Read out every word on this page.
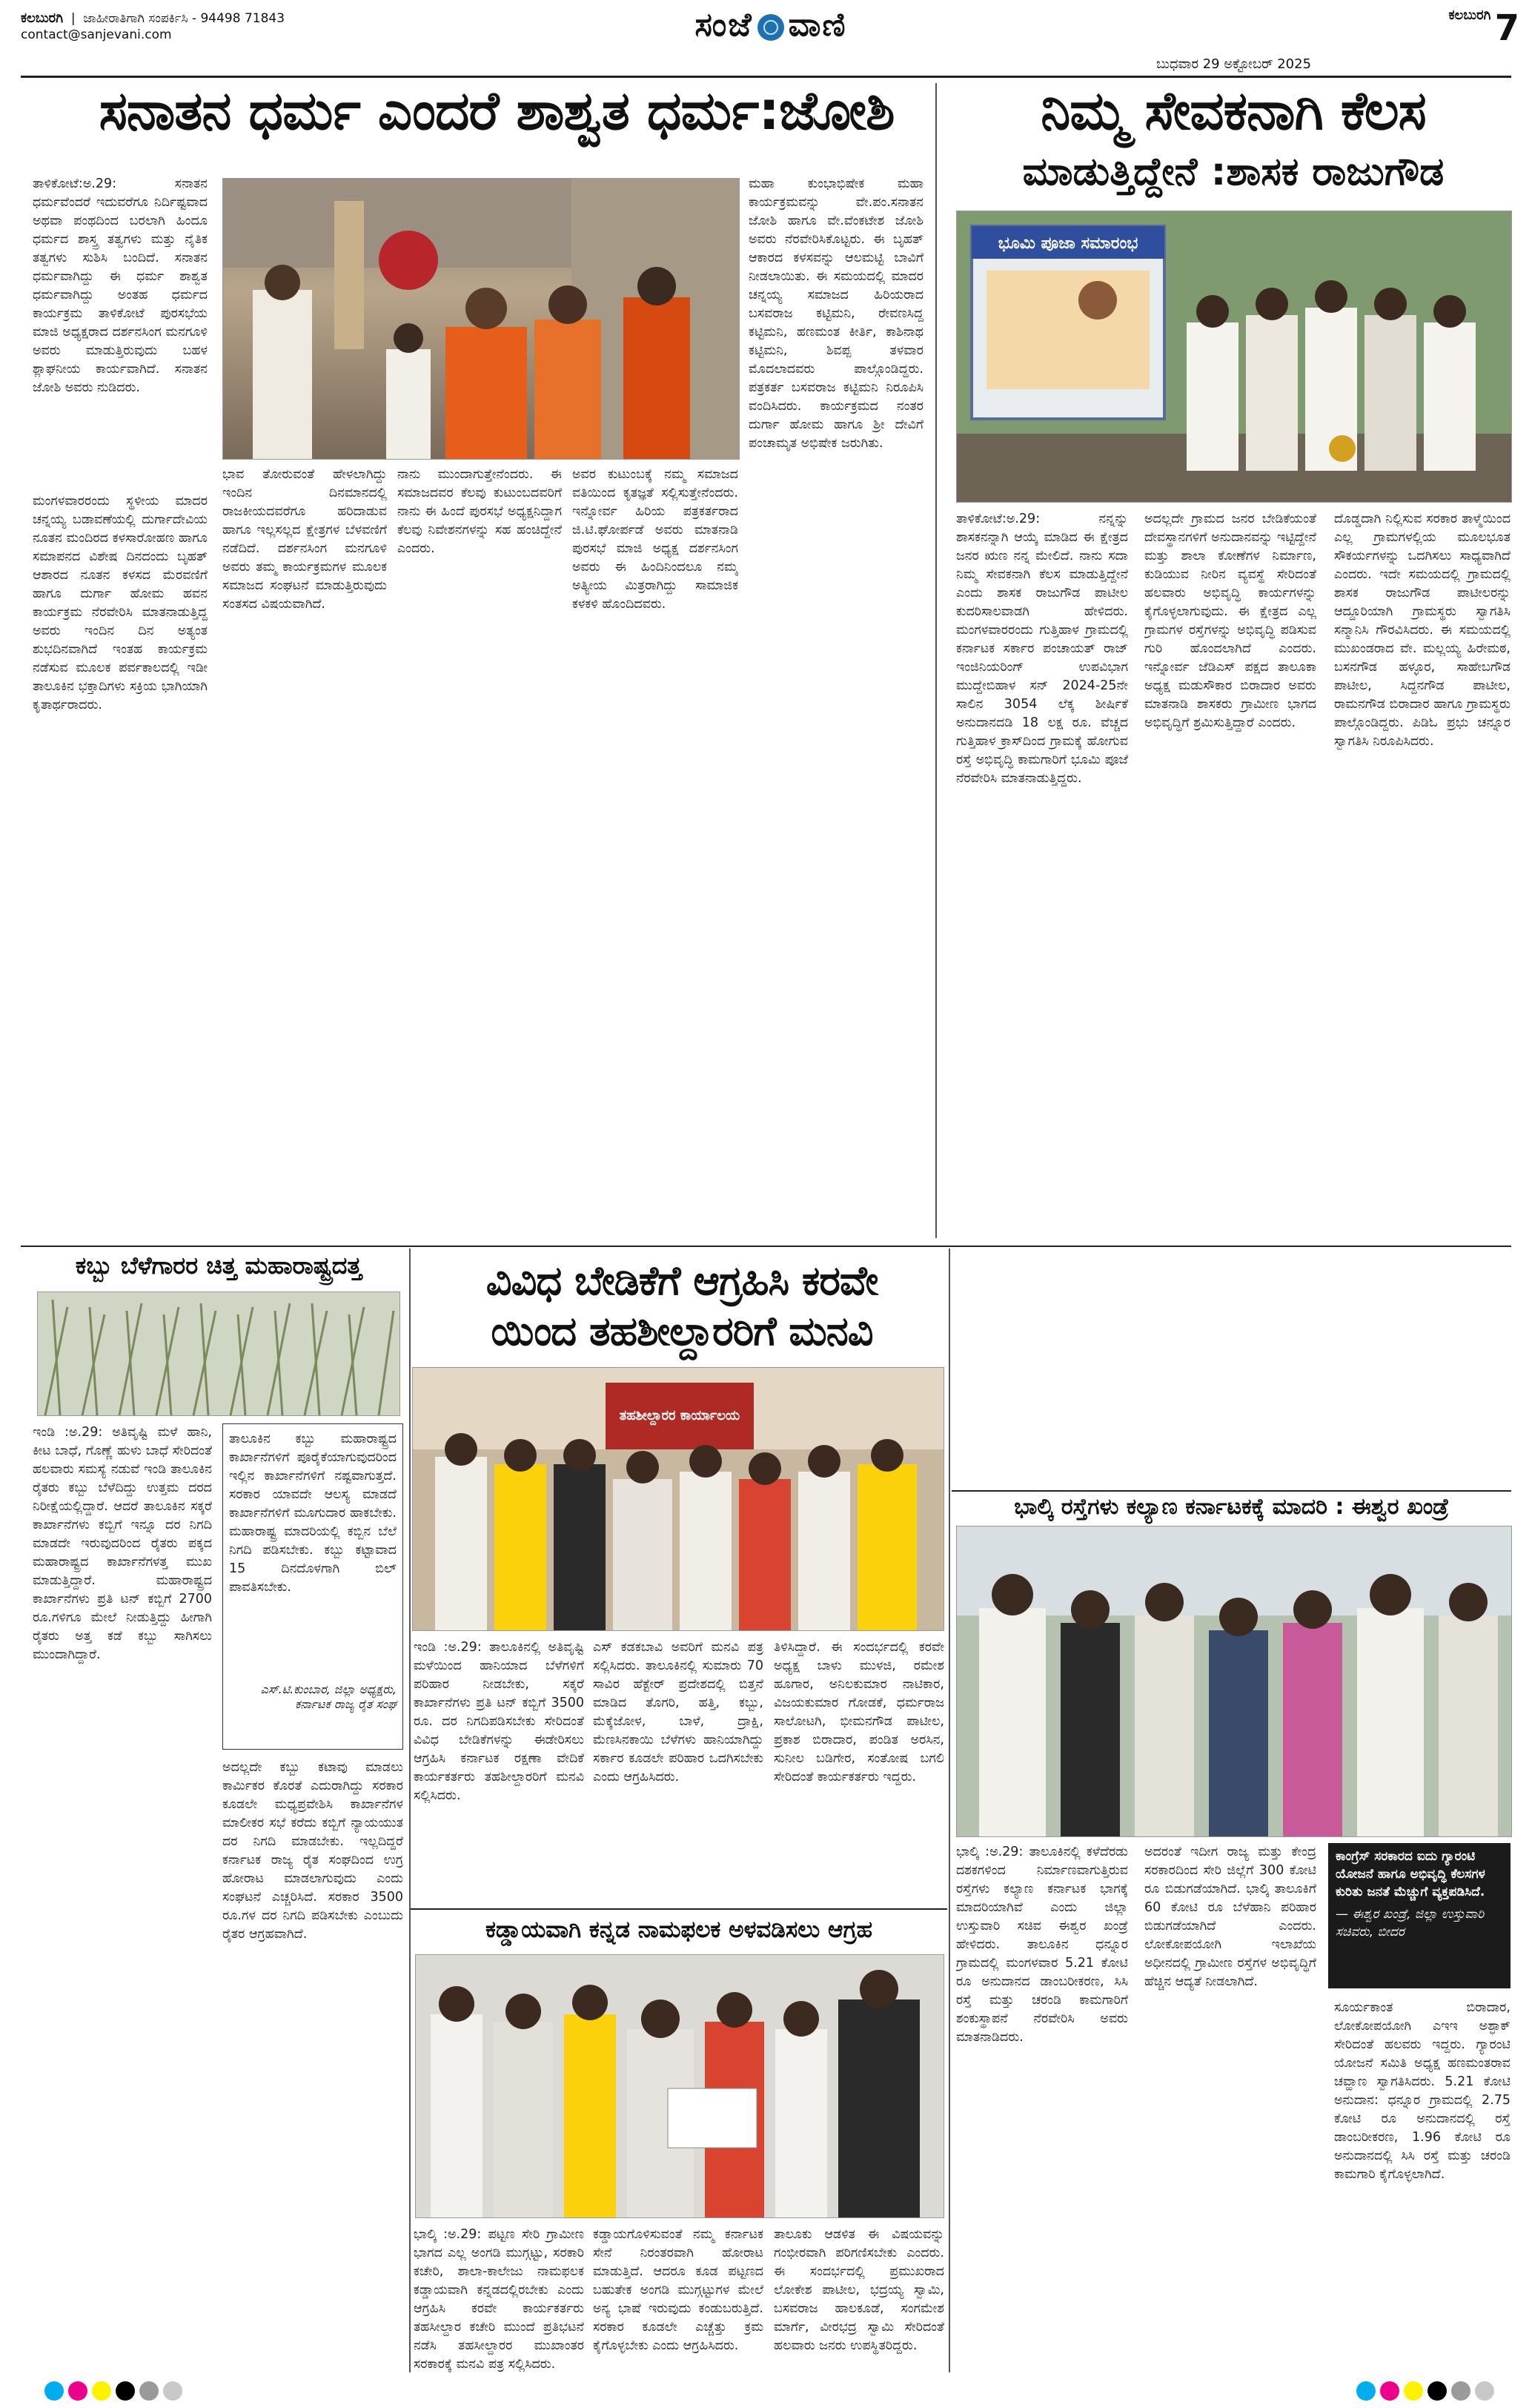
ಕಲಬುರಗಿ  |  ಜಾಹೀರಾತಿಗಾಗಿ ಸಂಪರ್ಕಿಸಿ - 94498 71843
contact@sanjevani.com	ಸಂಜೆ ವಾಣಿ	ಕಲಬುರಗಿ 7
ಬುಧವಾರ 29 ಅಕ್ಟೋಬರ್ 2025
ಸನಾತನ ಧರ್ಮ ಎಂದರೆ ಶಾಶ್ವತ ಧರ್ಮ:ಜೋಶಿ
ತಾಳಿಕೋಟೆ:ಅ.29: ಸನಾತನ ಧರ್ಮವೆಂದರೆ ಇದುವರೆಗೂ ನಿರ್ದಿಷ್ಟವಾದ ಅಥವಾ ಪಂಥದಿಂದ ಬರಲಾಗಿ ಹಿಂದೂ ಧರ್ಮದ ಶಾಸ್ತ್ರ ತತ್ವಗಳು ಮತ್ತು ನೈತಿಕ ತತ್ವಗಳು ಸುಶಿಸಿ ಬಂದಿದೆ. ಸನಾತನ ಧರ್ಮವಾಗಿದ್ದು ಈ ಧರ್ಮ ಶಾಶ್ವತ ಧರ್ಮವಾಗಿದ್ದು ಅಂತಹ ಧರ್ಮದ ಕಾರ್ಯಕ್ರಮ ತಾಳಿಕೋಟೆ ಪುರಸಭೆಯ ಮಾಜಿ ಅಧ್ಯಕ್ಷರಾದ ದರ್ಶನಸಿಂಗ ಮನಗೂಳಿ ಅವರು ಮಾಡುತ್ತಿರುವುದು ಬಹಳ ಶ್ಲಾಘನೀಯ ಕಾರ್ಯವಾಗಿದೆ. ಸನಾತನ ಜೋಶಿ ಅವರು ನುಡಿದರು.
ಮಂಗಳವಾರರಂದು ಸ್ಥಳೀಯ ಮಾದರ ಚನ್ನಯ್ಯ ಬಡಾವಣೆಯಲ್ಲಿ ದುರ್ಗಾದೇವಿಯ ನೂತನ ಮಂದಿರದ ಕಳಸಾರೋಹಣ ಹಾಗೂ ಸಮಾಪನದ ವಿಶೇಷ ದಿನದಂದು ಬೃಹತ್ ಆಶಾರದ ನೂತನ ಕಳಸದ ಮೆರವಣಿಗೆ ಹಾಗೂ ದುರ್ಗಾ ಹೋಮ ಹವನ ಕಾರ್ಯಕ್ರಮ ನೆರವೇರಿಸಿ ಮಾತನಾಡುತ್ತಿದ್ದ ಅವರು ಇಂದಿನ ದಿನ ಅತ್ಯಂತ ಶುಭದಿನವಾಗಿದೆ ಇಂತಹ ಕಾರ್ಯಕ್ರಮ ನಡೆಸುವ ಮೂಲಕ ಪರ್ವಕಾಲದಲ್ಲಿ ಇಡೀ ತಾಲೂಕಿನ ಭಕ್ತಾದಿಗಳು ಸಕ್ರಿಯ ಭಾಗಿಯಾಗಿ ಕೃತಾರ್ಥರಾದರು.
ಭಾವ ತೋರುವಂತೆ ಹೇಳಲಾಗಿದ್ದು ಇಂದಿನ ದಿನಮಾನದಲ್ಲಿ ರಾಜಕೀಯದವರೆಗೂ ಹರಿದಾಡುವ ಹಾಗೂ ಇಲ್ಲಸಲ್ಲದ ಕ್ಷೇತ್ರಗಳ ಬೆಳವಣಿಗೆ ನಡೆದಿದೆ. ದರ್ಶನಸಿಂಗ ಮನಗೂಳಿ ಅವರು ತಮ್ಮ ಕಾರ್ಯಕ್ರಮಗಳ ಮೂಲಕ ಸಮಾಜದ ಸಂಘಟನೆ ಮಾಡುತ್ತಿರುವುದು ಸಂತಸದ ವಿಷಯವಾಗಿದೆ.
ನಾನು ಮುಂದಾಗುತ್ತೇನೆಂದರು. ಈ ಸಮಾಜದವರ ಕೆಲವು ಕುಟುಂಬದವರಿಗೆ ನಾನು ಈ ಹಿಂದೆ ಪುರಸಭೆ ಅಧ್ಯಕ್ಷನಿದ್ದಾಗ ಕೆಲವು ನಿವೇಶನಗಳನ್ನು ಸಹ ಹಂಚಿದ್ದೇನೆ ಎಂದರು.
ಅವರ ಕುಟುಂಬಕ್ಕೆ ನಮ್ಮ ಸಮಾಜದ ವತಿಯಿಂದ ಕೃತಜ್ಞತೆ ಸಲ್ಲಿಸುತ್ತೇನೆಂದರು. ಇನ್ನೋರ್ವ ಹಿರಿಯ ಪತ್ರಕರ್ತರಾದ ಜಿ.ಟಿ.ಘೋರ್ಪಡೆ ಅವರು ಮಾತನಾಡಿ ಪುರಸಭೆ ಮಾಜಿ ಅಧ್ಯಕ್ಷ ದರ್ಶನಸಿಂಗ ಅವರು ಈ ಹಿಂದಿನಿಂದಲೂ ನಮ್ಮ ಅತ್ಯೀಯ ಮಿತ್ರರಾಗಿದ್ದು ಸಾಮಾಜಿಕ ಕಳಕಳಿ ಹೊಂದಿದವರು.
ಮಹಾ ಕುಂಭಾಭಿಷೇಕ ಮಹಾ ಕಾರ್ಯಕ್ರಮವನ್ನು ವೇ.ಪಂ.ಸನಾತನ ಜೋಶಿ ಹಾಗೂ ವೇ.ವೆಂಕಟೇಶ ಜೋಶಿ ಅವರು ನೆರವೇರಿಸಿಕೊಟ್ಟರು. ಈ ಬೃಹತ್ ಆಕಾರದ ಕಳಸವನ್ನು ಆಲಮಟ್ಟಿ ಬಾವಿಗೆ ನೀಡಲಾಯಿತು. ಈ ಸಮಯದಲ್ಲಿ ಮಾದರ ಚನ್ನಯ್ಯ ಸಮಾಜದ ಹಿರಿಯರಾದ ಬಸವರಾಜ ಕಟ್ಟಿಮನಿ, ರೇವಣಸಿದ್ದ ಕಟ್ಟಿಮನಿ, ಹಣಮಂತ ಕೀರ್ತಿ, ಕಾಶಿನಾಥ ಕಟ್ಟಿಮನಿ, ಶಿವಪ್ಪ ತಳವಾರ ಮೊದಲಾದವರು ಪಾಲ್ಗೊಂಡಿದ್ದರು. ಪತ್ರಕರ್ತ ಬಸವರಾಜ ಕಟ್ಟಿಮನಿ ನಿರೂಪಿಸಿ ವಂದಿಸಿದರು. ಕಾರ್ಯಕ್ರಮದ ನಂತರ ದುರ್ಗಾ ಹೋಮ ಹಾಗೂ ಶ್ರೀ ದೇವಿಗೆ ಪಂಚಾಮೃತ ಅಭಿಷೇಕ ಜರುಗಿತು.
ನಿಮ್ಮ ಸೇವಕನಾಗಿ ಕೆಲಸ
ಮಾಡುತ್ತಿದ್ದೇನೆ :ಶಾಸಕ ರಾಜುಗೌಡ
ಭೂಮಿ ಪೂಜಾ ಸಮಾರಂಭ
ತಾಳಿಕೋಟೆ:ಅ.29: ನನ್ನನ್ನು ಶಾಸಕನನ್ನಾಗಿ ಆಯ್ಕೆ ಮಾಡಿದ ಈ ಕ್ಷೇತ್ರದ ಜನರ ಋಣ ನನ್ನ ಮೇಲಿದೆ. ನಾನು ಸದಾ ನಿಮ್ಮ ಸೇವಕನಾಗಿ ಕೆಲಸ ಮಾಡುತ್ತಿದ್ದೇನೆ ಎಂದು ಶಾಸಕ ರಾಜುಗೌಡ ಪಾಟೀಲ ಕುದರಿಸಾಲವಾಡಗಿ ಹೇಳಿದರು. ಮಂಗಳವಾರರಂದು ಗುತ್ತಿಹಾಳ ಗ್ರಾಮದಲ್ಲಿ ಕರ್ನಾಟಕ ಸರ್ಕಾರ ಪಂಚಾಯತ್ ರಾಜ್ ಇಂಜಿನಿಯರಿಂಗ್ ಉಪವಿಭಾಗ ಮುದ್ದೇಬಿಹಾಳ ಸನ್ 2024-25ನೇ ಸಾಲಿನ 3054 ಲೆಕ್ಕ ಶೀರ್ಷಿಕೆ ಅನುದಾನದಡಿ 18 ಲಕ್ಷ ರೂ. ವೆಚ್ಚದ ಗುತ್ತಿಹಾಳ ಕ್ರಾಸ್‌ದಿಂದ ಗ್ರಾಮಕ್ಕೆ ಹೋಗುವ ರಸ್ತೆ ಅಭಿವೃದ್ಧಿ ಕಾಮಗಾರಿಗೆ ಭೂಮಿ ಪೂಜೆ ನೆರವೇರಿಸಿ ಮಾತನಾಡುತ್ತಿದ್ದರು.
ಅದಲ್ಲದೇ ಗ್ರಾಮದ ಜನರ ಬೇಡಿಕೆಯಂತೆ ದೇವಸ್ಥಾನಗಳಿಗೆ ಅನುದಾನವನ್ನು ಇಟ್ಟಿದ್ದೇನೆ ಮತ್ತು ಶಾಲಾ ಕೋಣೆಗಳ ನಿರ್ಮಾಣ, ಕುಡಿಯುವ ನೀರಿನ ವ್ಯವಸ್ಥೆ ಸೇರಿದಂತೆ ಹಲವಾರು ಅಭಿವೃದ್ಧಿ ಕಾರ್ಯಗಳನ್ನು ಕೈಗೊಳ್ಳಲಾಗುವುದು. ಈ ಕ್ಷೇತ್ರದ ಎಲ್ಲ ಗ್ರಾಮಗಳ ರಸ್ತೆಗಳನ್ನು ಅಭಿವೃದ್ಧಿ ಪಡಿಸುವ ಗುರಿ ಹೊಂದಲಾಗಿದೆ ಎಂದರು. ಇನ್ನೋರ್ವ ಜೆಡಿಎಸ್ ಪಕ್ಷದ ತಾಲೂಕಾ ಅಧ್ಯಕ್ಷ ಮಡುಸೌಕಾರ ಬಿರಾದಾರ ಅವರು ಮಾತನಾಡಿ ಶಾಸಕರು ಗ್ರಾಮೀಣ ಭಾಗದ ಅಭಿವೃದ್ಧಿಗೆ ಶ್ರಮಿಸುತ್ತಿದ್ದಾರೆ ಎಂದರು.
ದೊಡ್ಡದಾಗಿ ನಿಲ್ಲಿಸುವ ಸರಕಾರ ತಾಳ್ಮೆಯಿಂದ ಎಲ್ಲ ಗ್ರಾಮಗಳಲ್ಲಿಯ ಮೂಲಭೂತ ಸೌಕರ್ಯಗಳನ್ನು ಒದಗಿಸಲು ಸಾಧ್ಯವಾಗಿದೆ ಎಂದರು. ಇದೇ ಸಮಯದಲ್ಲಿ ಗ್ರಾಮದಲ್ಲಿ ಶಾಸಕ ರಾಜುಗೌಡ ಪಾಟೀಲರನ್ನು ಆದ್ದೂರಿಯಾಗಿ ಗ್ರಾಮಸ್ಥರು ಸ್ವಾಗತಿಸಿ ಸನ್ಮಾನಿಸಿ ಗೌರವಿಸಿದರು. ಈ ಸಮಯದಲ್ಲಿ ಮುಖಂಡರಾದ ವೇ. ಮಲ್ಲಯ್ಯ ಹಿರೇಮಠ, ಬಸನಗೌಡ ಹಳ್ಳೂರ, ಸಾಹೇಬಗೌಡ ಪಾಟೀಲ, ಸಿದ್ದನಗೌಡ ಪಾಟೀಲ, ರಾಮನಗೌಡ ಬಿರಾದಾರ ಹಾಗೂ ಗ್ರಾಮಸ್ಥರು ಪಾಲ್ಗೊಂಡಿದ್ದರು. ಪಿಡಿಓ ಪ್ರಭು ಚನ್ನೂರ ಸ್ವಾಗತಿಸಿ ನಿರೂಪಿಸಿದರು.
ಕಬ್ಬು ಬೆಳೆಗಾರರ ಚಿತ್ತ ಮಹಾರಾಷ್ಟ್ರದತ್ತ
ಇಂಡಿ :ಅ.29: ಅತಿವೃಷ್ಟಿ ಮಳೆ ಹಾನಿ, ಕೀಟ ಬಾಧೆ, ಗೊಣ್ಣೆ ಹುಳು ಬಾಧೆ ಸೇರಿದಂತೆ ಹಲವಾರು ಸಮಸ್ಯೆ ನಡುವೆ ಇಂಡಿ ತಾಲೂಕಿನ ರೈತರು ಕಬ್ಬು ಬೆಳೆದಿದ್ದು ಉತ್ತಮ ದರದ ನಿರೀಕ್ಷೆಯಲ್ಲಿದ್ದಾರೆ. ಆದರೆ ತಾಲೂಕಿನ ಸಕ್ಕರೆ ಕಾರ್ಖಾನೆಗಳು ಕಬ್ಬಿಗೆ ಇನ್ನೂ ದರ ನಿಗದಿ ಮಾಡದೇ ಇರುವುದರಿಂದ ರೈತರು ಪಕ್ಕದ ಮಹಾರಾಷ್ಟ್ರದ ಕಾರ್ಖಾನೆಗಳತ್ತ ಮುಖ ಮಾಡುತ್ತಿದ್ದಾರೆ. ಮಹಾರಾಷ್ಟ್ರದ ಕಾರ್ಖಾನೆಗಳು ಪ್ರತಿ ಟನ್ ಕಬ್ಬಿಗೆ 2700 ರೂ.ಗಳಿಗೂ ಮೇಲೆ ನೀಡುತ್ತಿದ್ದು ಹೀಗಾಗಿ ರೈತರು ಅತ್ತ ಕಡೆ ಕಬ್ಬು ಸಾಗಿಸಲು ಮುಂದಾಗಿದ್ದಾರೆ.
ತಾಲೂಕಿನ ಕಬ್ಬು ಮಹಾರಾಷ್ಟ್ರದ ಕಾರ್ಖಾನೆಗಳಿಗೆ ಪೂರೈಕೆಯಾಗುವುದರಿಂದ ಇಲ್ಲಿನ ಕಾರ್ಖಾನೆಗಳಿಗೆ ನಷ್ಟವಾಗುತ್ತದೆ. ಸರಕಾರ ಯಾವದೇ ಆಲಸ್ಯ ಮಾಡದೆ ಕಾರ್ಖಾನೆಗಳಿಗೆ ಮೂಗುದಾರ ಹಾಕಬೇಕು. ಮಹಾರಾಷ್ಟ್ರ ಮಾದರಿಯಲ್ಲಿ ಕಬ್ಬಿನ ಬೆಲೆ ನಿಗದಿ ಪಡಿಸಬೇಕು. ಕಬ್ಬು ಕಟ್ಟಾವಾದ 15 ದಿನದೊಳಗಾಗಿ ಬಿಲ್ ಪಾವತಿಸಬೇಕು.
ಎಸ್.ಟಿ.ಕುಂಬಾರ, ಜಿಲ್ಲಾ ಅಧ್ಯಕ್ಷರು, ಕರ್ನಾಟಕ ರಾಜ್ಯ ರೈತ ಸಂಘ
ಅದಲ್ಲದೇ ಕಬ್ಬು ಕಟಾವು ಮಾಡಲು ಕಾರ್ಮಿಕರ ಕೊರತೆ ಎದುರಾಗಿದ್ದು ಸರಕಾರ ಕೂಡಲೇ ಮಧ್ಯಪ್ರವೇಶಿಸಿ ಕಾರ್ಖಾನೆಗಳ ಮಾಲೀಕರ ಸಭೆ ಕರೆದು ಕಬ್ಬಿಗೆ ನ್ಯಾಯಯುತ ದರ ನಿಗದಿ ಮಾಡಬೇಕು. ಇಲ್ಲದಿದ್ದರೆ ಕರ್ನಾಟಕ ರಾಜ್ಯ ರೈತ ಸಂಘದಿಂದ ಉಗ್ರ ಹೋರಾಟ ಮಾಡಲಾಗುವುದು ಎಂದು ಸಂಘಟನೆ ಎಚ್ಚರಿಸಿದೆ. ಸರಕಾರ 3500 ರೂ.ಗಳ ದರ ನಿಗದಿ ಪಡಿಸಬೇಕು ಎಂಬುದು ರೈತರ ಆಗ್ರಹವಾಗಿದೆ.
ವಿವಿಧ ಬೇಡಿಕೆಗೆ ಆಗ್ರಹಿಸಿ ಕರವೇ
ಯಿಂದ ತಹಶೀಲ್ದಾರರಿಗೆ ಮನವಿ
ತಹಶೀಲ್ದಾರರ ಕಾರ್ಯಾಲಯ
ಇಂಡಿ :ಅ.29: ತಾಲೂಕಿನಲ್ಲಿ ಅತಿವೃಷ್ಟಿ ಮಳೆಯಿಂದ ಹಾನಿಯಾದ ಬೆಳೆಗಳಿಗೆ ಪರಿಹಾರ ನೀಡಬೇಕು, ಸಕ್ಕರೆ ಕಾರ್ಖಾನೆಗಳು ಪ್ರತಿ ಟನ್ ಕಬ್ಬಿಗೆ 3500 ರೂ. ದರ ನಿಗದಿಪಡಿಸಬೇಕು ಸೇರಿದಂತೆ ವಿವಿಧ ಬೇಡಿಕೆಗಳನ್ನು ಈಡೇರಿಸಲು ಆಗ್ರಹಿಸಿ ಕರ್ನಾಟಕ ರಕ್ಷಣಾ ವೇದಿಕೆ ಕಾರ್ಯಕರ್ತರು ತಹಶೀಲ್ದಾರರಿಗೆ ಮನವಿ ಸಲ್ಲಿಸಿದರು.
ಎಸ್ ಕಡಕಬಾವಿ ಅವರಿಗೆ ಮನವಿ ಪತ್ರ ಸಲ್ಲಿಸಿದರು. ತಾಲೂಕಿನಲ್ಲಿ ಸುಮಾರು 70 ಸಾವಿರ ಹೆಕ್ಟೇರ್ ಪ್ರದೇಶದಲ್ಲಿ ಬಿತ್ತನೆ ಮಾಡಿದ ತೊಗರಿ, ಹತ್ತಿ, ಕಬ್ಬು, ಮೆಕ್ಕೆಜೋಳ, ಬಾಳೆ, ದ್ರಾಕ್ಷಿ, ಮೆಣಸಿನಕಾಯಿ ಬೆಳೆಗಳು ಹಾನಿಯಾಗಿದ್ದು ಸರ್ಕಾರ ಕೂಡಲೇ ಪರಿಹಾರ ಒದಗಿಸಬೇಕು ಎಂದು ಆಗ್ರಹಿಸಿದರು.
ತಿಳಿಸಿದ್ದಾರೆ. ಈ ಸಂದರ್ಭದಲ್ಲಿ ಕರವೇ ಅಧ್ಯಕ್ಷ ಬಾಳು ಮುಳಜಿ, ರಮೇಶ ಹೂಗಾರ, ಅನಿಲಕುಮಾರ ನಾಟಿಕಾರ, ವಿಜಯಕುಮಾರ ಗೋಡಕೆ, ಧರ್ಮರಾಜ ಸಾಲೋಟಗಿ, ಭೀಮನಗೌಡ ಪಾಟೀಲ, ಪ್ರಕಾಶ ಬಿರಾದಾರ, ಪಂಡಿತ ಅರಸಿನ, ಸುನೀಲ ಬಡಿಗೇರ, ಸಂತೋಷ ಬಗಲಿ ಸೇರಿದಂತೆ ಕಾರ್ಯಕರ್ತರು ಇದ್ದರು.
ಕಡ್ಡಾಯವಾಗಿ ಕನ್ನಡ ನಾಮಫಲಕ ಅಳವಡಿಸಲು ಆಗ್ರಹ
ಭಾಲ್ಕಿ :ಅ.29: ಪಟ್ಟಣ ಸೇರಿ ಗ್ರಾಮೀಣ ಭಾಗದ ಎಲ್ಲ ಅಂಗಡಿ ಮುಗ್ಗಟ್ಟು, ಸರಕಾರಿ ಕಚೇರಿ, ಶಾಲಾ-ಕಾಲೇಜು ನಾಮಫಲಕ ಕಡ್ಡಾಯವಾಗಿ ಕನ್ನಡದಲ್ಲಿರಬೇಕು ಎಂದು ಆಗ್ರಹಿಸಿ ಕರವೇ ಕಾರ್ಯಕರ್ತರು ತಹಸೀಲ್ದಾರ ಕಚೇರಿ ಮುಂದೆ ಪ್ರತಿಭಟನೆ ನಡೆಸಿ ತಹಸೀಲ್ದಾರರ ಮುಖಾಂತರ ಸರಕಾರಕ್ಕೆ ಮನವಿ ಪತ್ರ ಸಲ್ಲಿಸಿದರು.
ಕಡ್ಡಾಯಗೊಳಿಸುವಂತೆ ನಮ್ಮ ಕರ್ನಾಟಕ ಸೇನೆ ನಿರಂತರವಾಗಿ ಹೋರಾಟ ಮಾಡುತ್ತಿದೆ. ಆದರೂ ಕೂಡ ಪಟ್ಟಣದ ಬಹುತೇಕ ಅಂಗಡಿ ಮುಗ್ಗಟ್ಟುಗಳ ಮೇಲೆ ಅನ್ಯ ಭಾಷೆ ಇರುವುದು ಕಂಡುಬರುತ್ತಿದೆ. ಸರಕಾರ ಕೂಡಲೇ ಎಚ್ಚೆತ್ತು ಕ್ರಮ ಕೈಗೊಳ್ಳಬೇಕು ಎಂದು ಆಗ್ರಹಿಸಿದರು.
ತಾಲೂಕು ಆಡಳಿತ ಈ ವಿಷಯವನ್ನು ಗಂಭೀರವಾಗಿ ಪರಿಗಣಿಸಬೇಕು ಎಂದರು. ಈ ಸಂದರ್ಭದಲ್ಲಿ ಪ್ರಮುಖರಾದ ಲೋಕೇಶ ಪಾಟೀಲ, ಭದ್ರಯ್ಯ ಸ್ವಾಮಿ, ಬಸವರಾಜ ಹಾಲಕೂಡೆ, ಸಂಗಮೇಶ ಮಾರ್ಗೆ, ವೀರಭದ್ರ ಸ್ವಾಮಿ ಸೇರಿದಂತೆ ಹಲವಾರು ಜನರು ಉಪಸ್ಥಿತರಿದ್ದರು.
ಭಾಲ್ಕಿ ರಸ್ತೆಗಳು ಕಲ್ಯಾಣ ಕರ್ನಾಟಕಕ್ಕೆ ಮಾದರಿ : ಈಶ್ವರ ಖಂಡ್ರೆ
ಭಾಲ್ಕಿ :ಅ.29: ತಾಲೂಕಿನಲ್ಲಿ ಕಳೆದೆರಡು ದಶಕಗಳಿಂದ ನಿರ್ಮಾಣವಾಗುತ್ತಿರುವ ರಸ್ತೆಗಳು ಕಲ್ಯಾಣ ಕರ್ನಾಟಕ ಭಾಗಕ್ಕೆ ಮಾದರಿಯಾಗಿವೆ ಎಂದು ಜಿಲ್ಲಾ ಉಸ್ತುವಾರಿ ಸಚಿವ ಈಶ್ವರ ಖಂಡ್ರೆ ಹೇಳಿದರು. ತಾಲೂಕಿನ ಧನ್ನೂರ ಗ್ರಾಮದಲ್ಲಿ ಮಂಗಳವಾರ 5.21 ಕೋಟಿ ರೂ ಅನುದಾನದ ಡಾಂಬರೀಕರಣ, ಸಿಸಿ ರಸ್ತೆ ಮತ್ತು ಚರಂಡಿ ಕಾಮಗಾರಿಗೆ ಶಂಕುಸ್ಥಾಪನೆ ನೆರವೇರಿಸಿ ಅವರು ಮಾತನಾಡಿದರು.
ಅದರಂತೆ ಇದೀಗ ರಾಜ್ಯ ಮತ್ತು ಕೇಂದ್ರ ಸರಕಾರದಿಂದ ಸೇರಿ ಜಿಲ್ಲೆಗೆ 300 ಕೋಟಿ ರೂ ಬಿಡುಗಡೆಯಾಗಿದೆ. ಭಾಲ್ಕಿ ತಾಲೂಕಿಗೆ 60 ಕೋಟಿ ರೂ ಬೆಳೆಹಾನಿ ಪರಿಹಾರ ಬಿಡುಗಡೆಯಾಗಿದೆ ಎಂದರು. ಲೋಕೋಪಯೋಗಿ ಇಲಾಖೆಯ ಅಧೀನದಲ್ಲಿ ಗ್ರಾಮೀಣ ರಸ್ತೆಗಳ ಅಭಿವೃದ್ಧಿಗೆ ಹೆಚ್ಚಿನ ಆದ್ಯತೆ ನೀಡಲಾಗಿದೆ.
ಕಾಂಗ್ರೆಸ್ ಸರಕಾರದ ಐದು ಗ್ಯಾರಂಟಿ ಯೋಜನೆ ಹಾಗೂ ಅಭಿವೃದ್ಧಿ ಕೆಲಸಗಳ ಕುರಿತು ಜನತೆ ಮೆಚ್ಚುಗೆ ವ್ಯಕ್ತಪಡಿಸಿದೆ.
— ಈಶ್ವರ ಖಂಡ್ರೆ, ಜಿಲ್ಲಾ ಉಸ್ತುವಾರಿ ಸಚಿವರು, ಬೀದರ
ಸೂರ್ಯಕಾಂತ ಬಿರಾದಾರ, ಲೋಕೋಪಯೋಗಿ ಎಇಇ ಅಶ್ಫಾಕ್ ಸೇರಿದಂತೆ ಹಲವರು ಇದ್ದರು. ಗ್ಯಾರಂಟಿ ಯೋಜನೆ ಸಮಿತಿ ಅಧ್ಯಕ್ಷ ಹಣಮಂತರಾವ ಚವ್ಹಾಣ ಸ್ವಾಗತಿಸಿದರು. 5.21 ಕೋಟಿ ಅನುದಾನ: ಧನ್ನೂರ ಗ್ರಾಮದಲ್ಲಿ 2.75 ಕೋಟಿ ರೂ ಅನುದಾನದಲ್ಲಿ ರಸ್ತೆ ಡಾಂಬರೀಕರಣ, 1.96 ಕೋಟಿ ರೂ ಅನುದಾನದಲ್ಲಿ ಸಿಸಿ ರಸ್ತೆ ಮತ್ತು ಚರಂಡಿ ಕಾಮಗಾರಿ ಕೈಗೊಳ್ಳಲಾಗಿದೆ.
